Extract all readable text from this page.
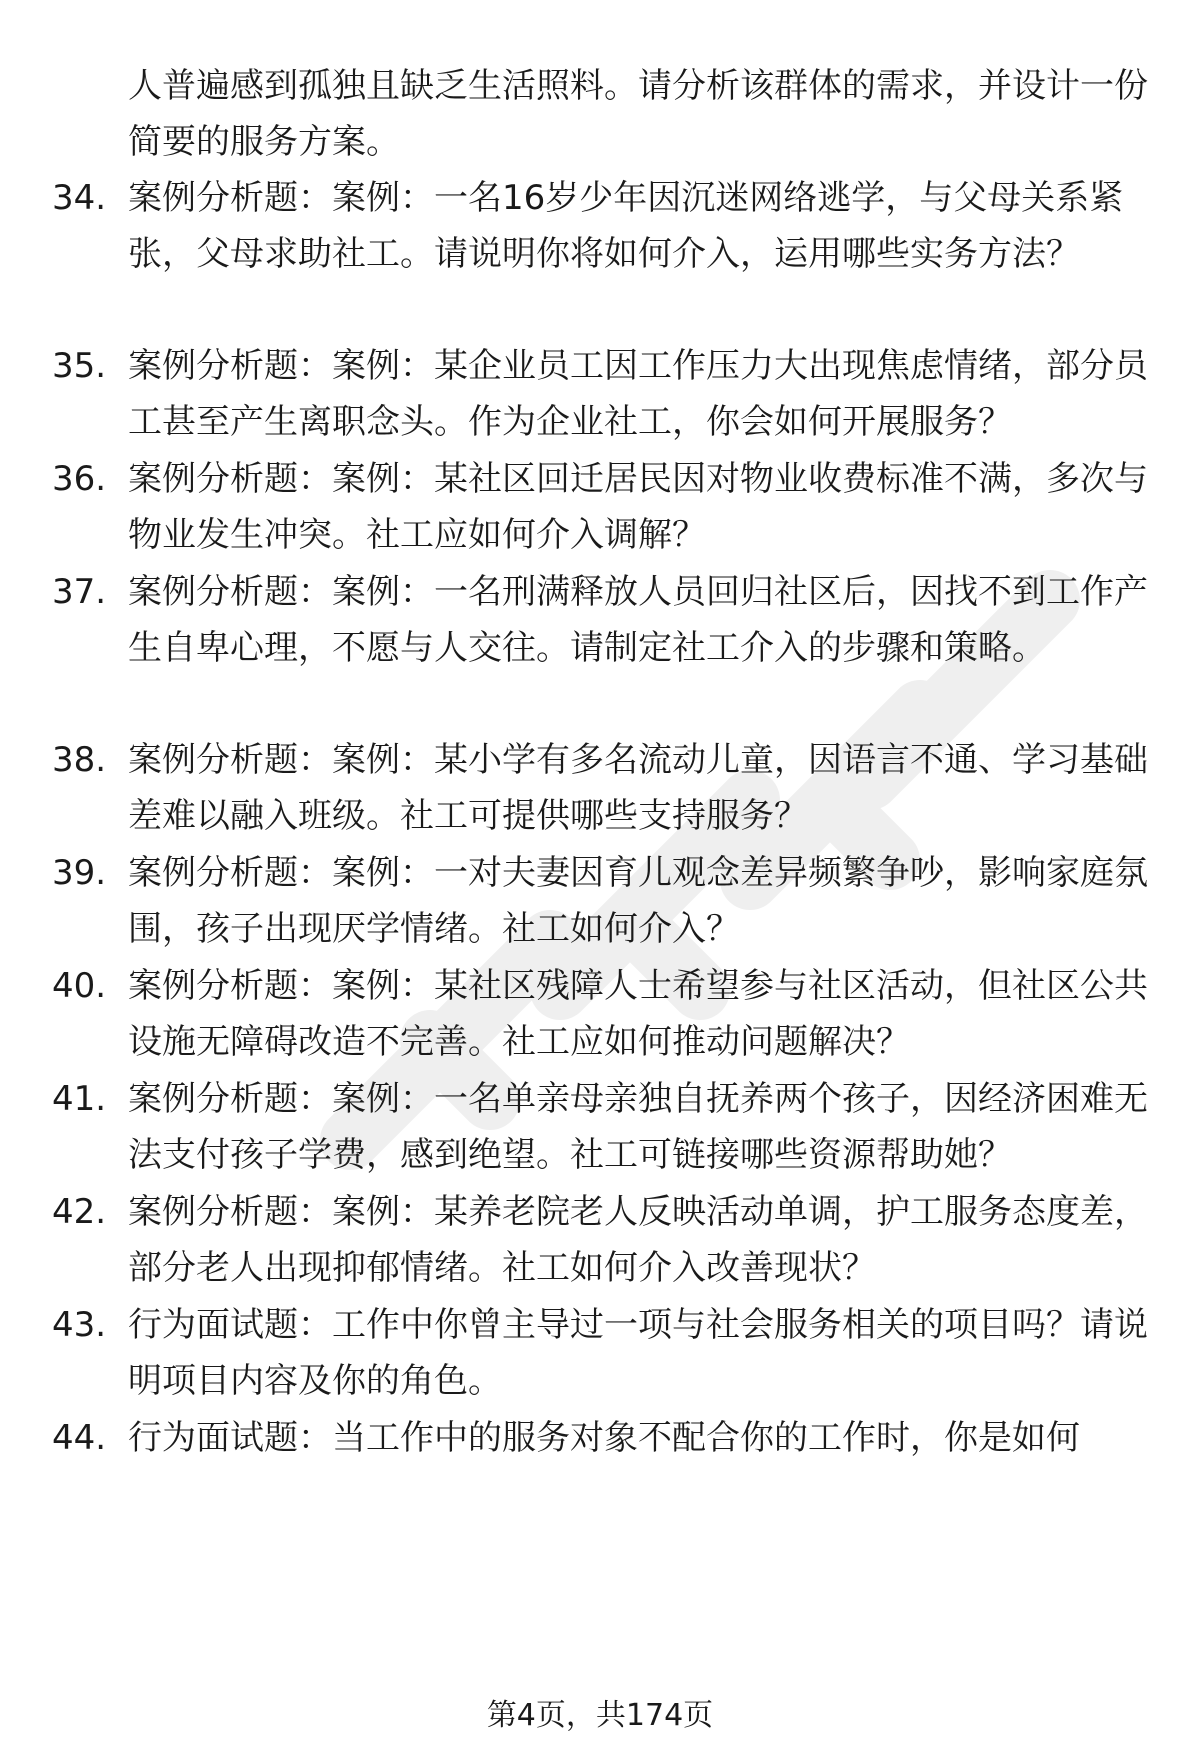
人普遍感到孤独且缺乏生活照料。请分析该群体的需求，并设计一份简要的服务方案。
34. 案例分析题：案例：一名16岁少年因沉迷网络逃学，与父母关系紧张，父母求助社工。请说明你将如何介入，运用哪些实务方法？
35. 案例分析题：案例：某企业员工因工作压力大出现焦虑情绪，部分员工甚至产生离职念头。作为企业社工，你会如何开展服务？
36. 案例分析题：案例：某社区回迁居民因对物业收费标准不满，多次与物业发生冲突。社工应如何介入调解？
37. 案例分析题：案例：一名刑满释放人员回归社区后，因找不到工作产生自卑心理，不愿与人交往。请制定社工介入的步骤和策略。
38. 案例分析题：案例：某小学有多名流动儿童，因语言不通、学习基础差难以融入班级。社工可提供哪些支持服务？
39. 案例分析题：案例：一对夫妻因育儿观念差异频繁争吵，影响家庭氛围，孩子出现厌学情绪。社工如何介入？
40. 案例分析题：案例：某社区残障人士希望参与社区活动，但社区公共设施无障碍改造不完善。社工应如何推动问题解决？
41. 案例分析题：案例：一名单亲母亲独自抚养两个孩子，因经济困难无法支付孩子学费，感到绝望。社工可链接哪些资源帮助她？
42. 案例分析题：案例：某养老院老人反映活动单调，护工服务态度差，部分老人出现抑郁情绪。社工如何介入改善现状？
43. 行为面试题：工作中你曾主导过一项与社会服务相关的项目吗？请说明项目内容及你的角色。
44. 行为面试题：当工作中的服务对象不配合你的工作时，你是如何
第4页，共174页
